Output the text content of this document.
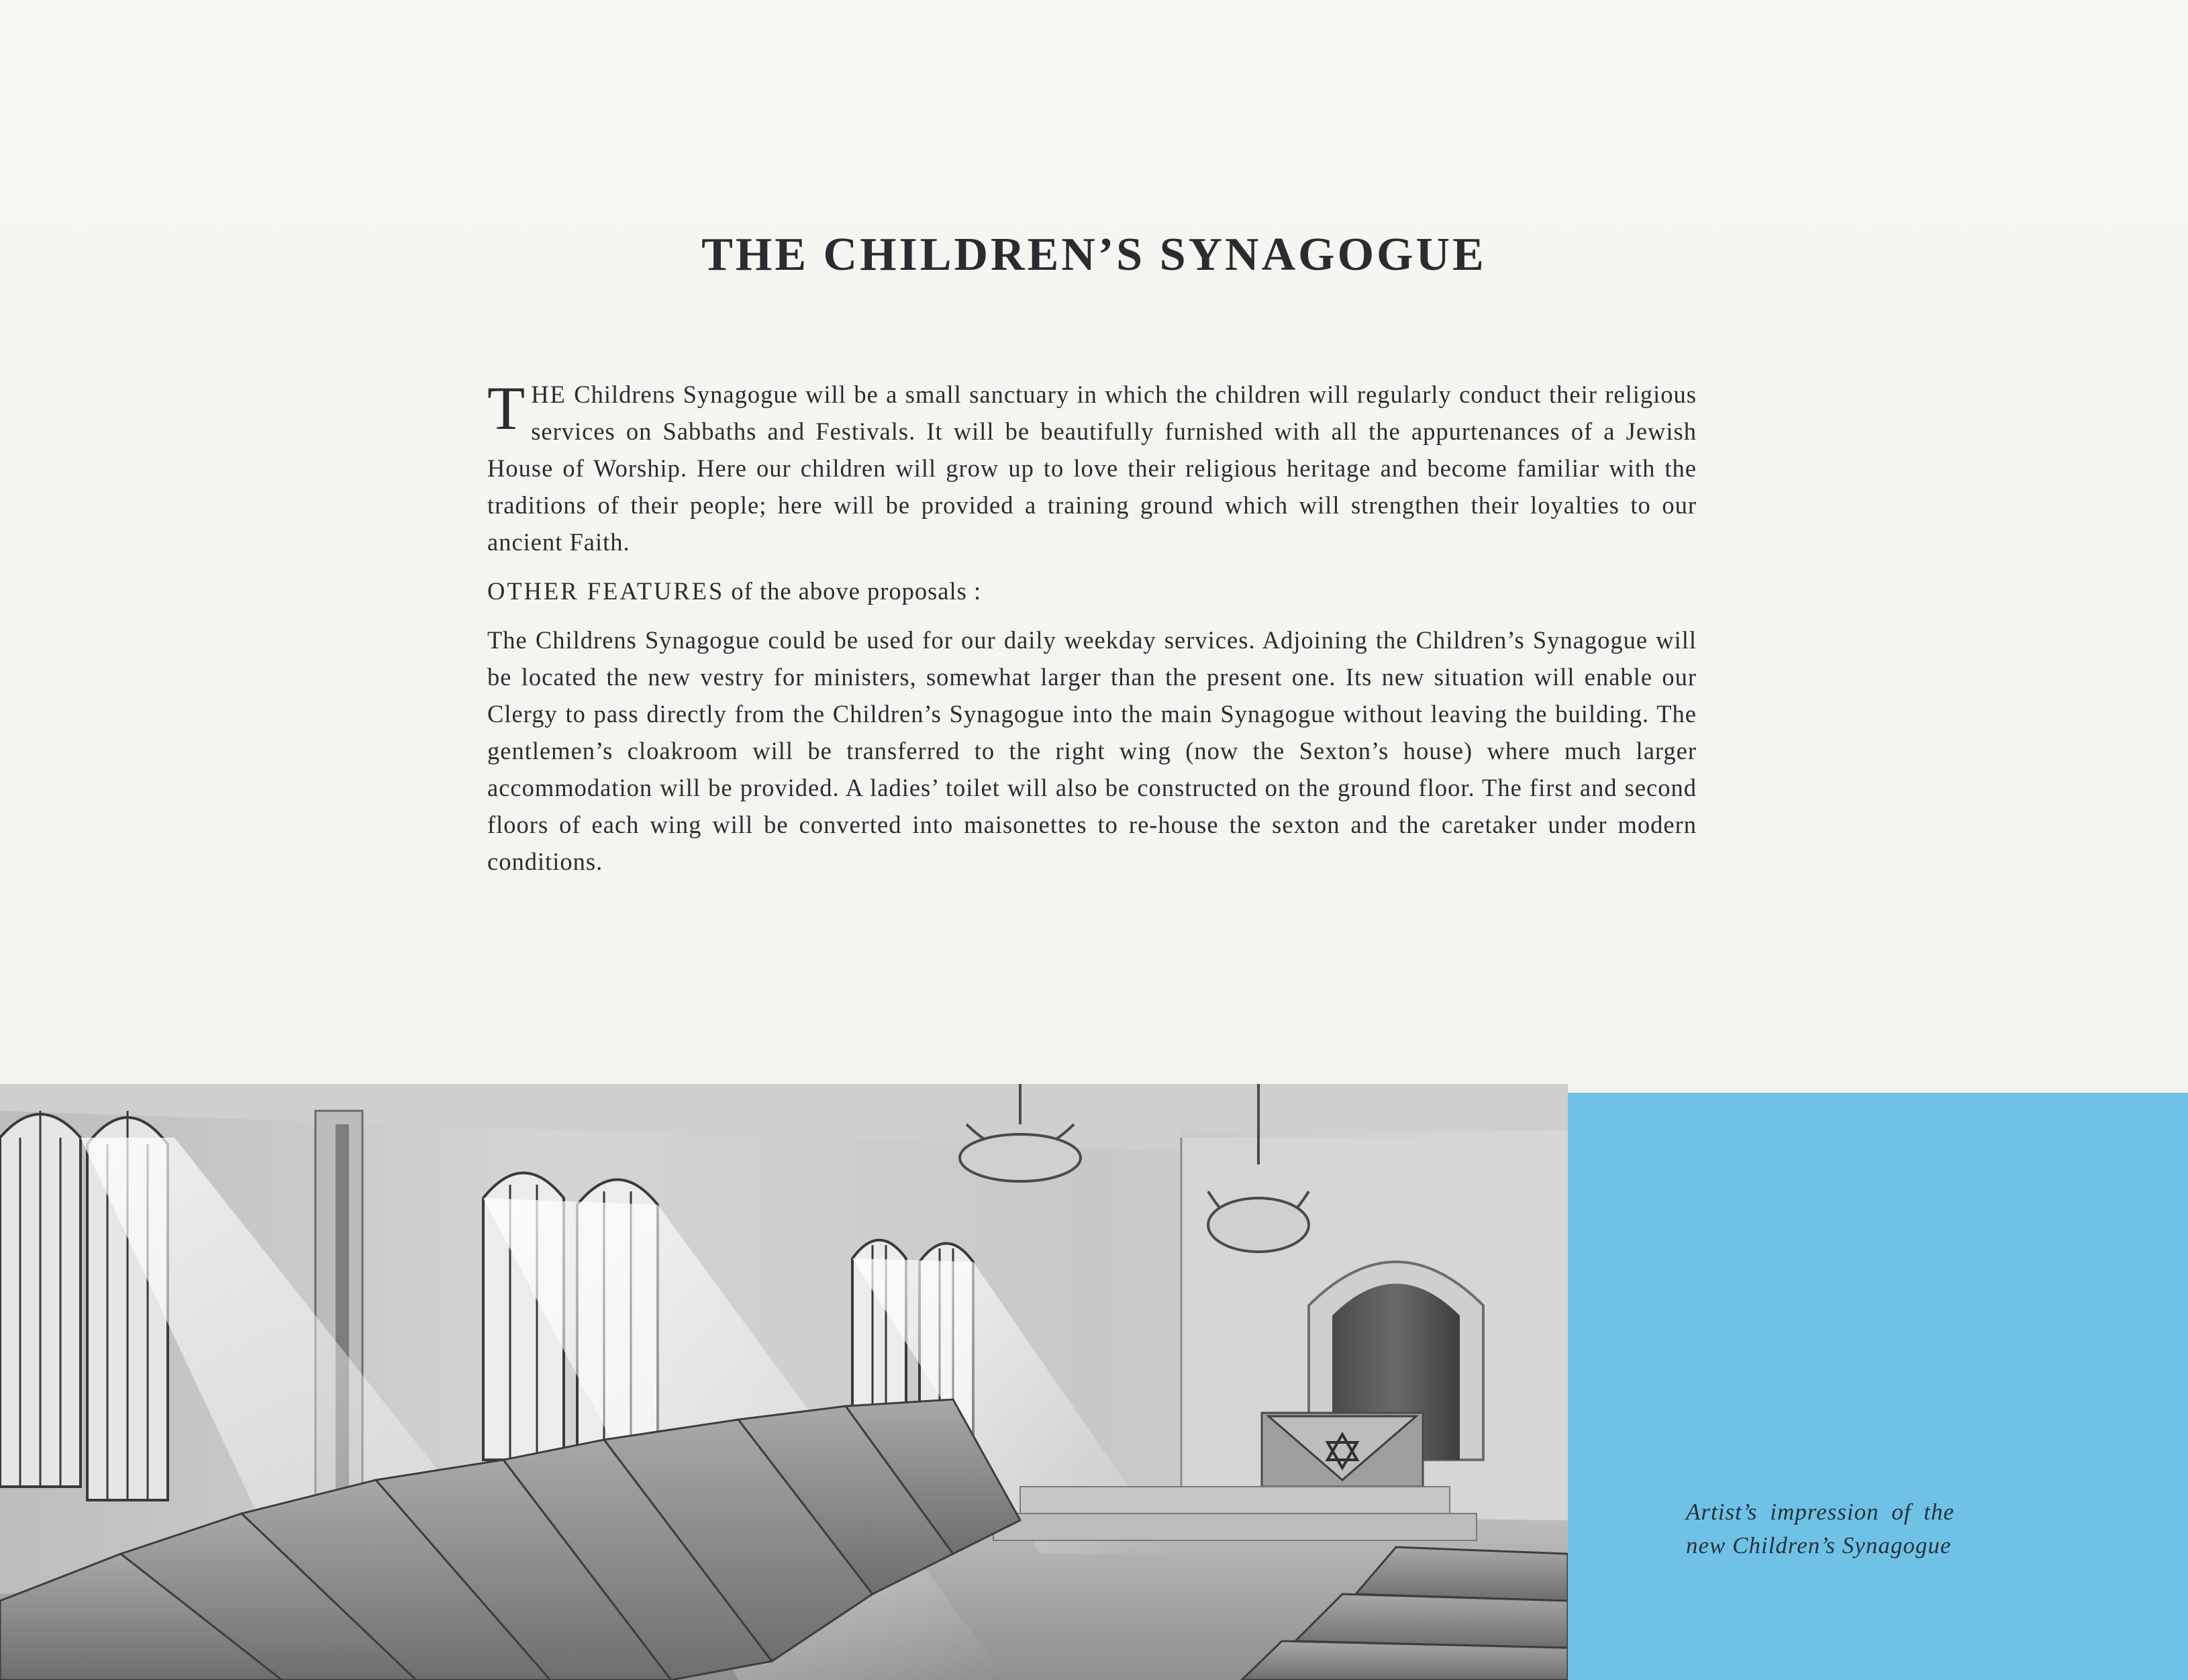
THE CHILDREN’S SYNAGOGUE

THE Childrens Synagogue will be a small sanctuary in which the children will regularly conduct their religious services on Sabbaths and Festivals. It will be beautifully furnished with all the appurtenances of a Jewish House of Worship. Here our children will grow up to love their religious heritage and become familiar with the traditions of their people; here will be provided a training ground which will strengthen their loyalties to our ancient Faith.

OTHER FEATURES of the above proposals :

The Childrens Synagogue could be used for our daily weekday services. Adjoining the Children’s Synagogue will be located the new vestry for ministers, somewhat larger than the present one. Its new situation will enable our Clergy to pass directly from the Children’s Synagogue into the main Synagogue without leaving the building. The gentlemen’s cloakroom will be transferred to the right wing (now the Sexton’s house) where much larger accommodation will be provided. A ladies’ toilet will also be constructed on the ground floor. The first and second floors of each wing will be converted into maisonettes to re-house the sexton and the caretaker under modern conditions.

Artist’s impression of the new Children’s Synagogue
